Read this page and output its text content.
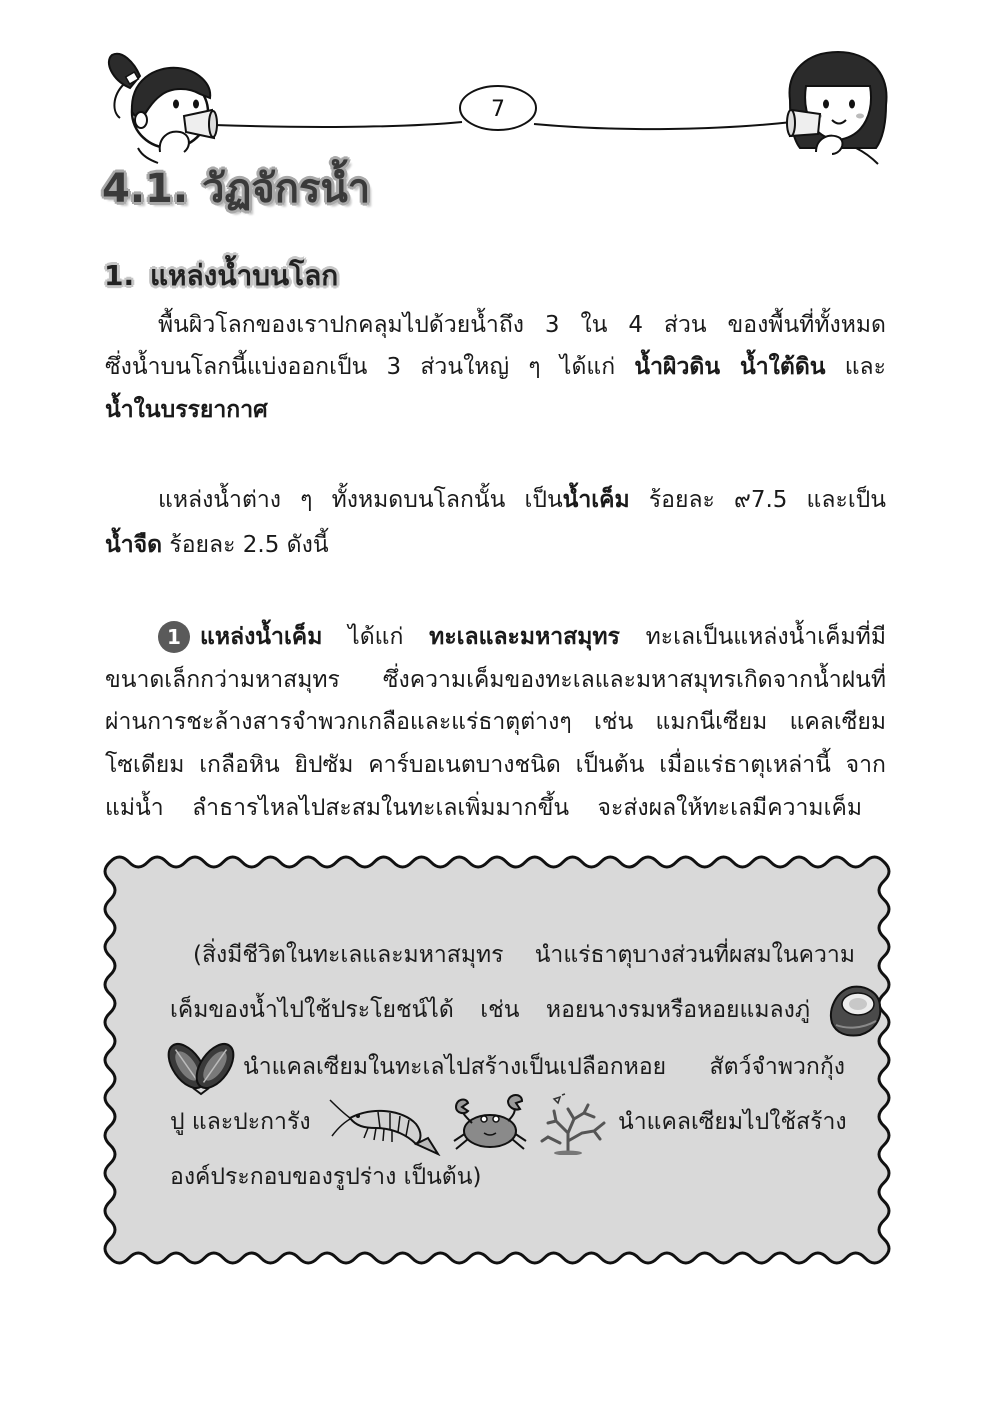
7
4.1. วัฏจักรน้ำ
1. แหล่งน้ำบนโลก
พื้นผิวโลกของเราปกคลุมไปด้วยน้ำถึง 3 ใน 4 ส่วน ของพื้นที่ทั้งหมด
ซึ่งน้ำบนโลกนี้แบ่งออกเป็น 3 ส่วนใหญ่ ๆ ได้แก่ น้ำผิวดิน น้ำใต้ดิน และ
น้ำในบรรยากาศ
แหล่งน้ำต่าง ๆ ทั้งหมดบนโลกนั้น เป็นน้ำเค็ม ร้อยละ ๙7.5 และเป็น
น้ำจืด ร้อยละ 2.5 ดังนี้
1 แหล่งน้ำเค็ม ได้แก่ ทะเลและมหาสมุทร ทะเลเป็นแหล่งน้ำเค็มที่มี
ขนาดเล็กกว่ามหาสมุทร ซึ่งความเค็มของทะเลและมหาสมุทรเกิดจากน้ำฝนที่
ผ่านการชะล้างสารจำพวกเกลือและแร่ธาตุต่างๆ เช่น แมกนีเซียม แคลเซียม
โซเดียม เกลือหิน ยิปซัม คาร์บอเนตบางชนิด เป็นต้น เมื่อแร่ธาตุเหล่านี้ จาก
แม่น้ำ ลำธารไหลไปสะสมในทะเลเพิ่มมากขึ้น จะส่งผลให้ทะเลมีความเค็ม
(สิ่งมีชีวิตในทะเลและมหาสมุทร นำแร่ธาตุบางส่วนที่ผสมในความ
เค็มของน้ำไปใช้ประโยชน์ได้ เช่น หอยนางรมหรือหอยแมลงภู่
นำแคลเซียมในทะเลไปสร้างเป็นเปลือกหอย สัตว์จำพวกกุ้ง
ปู และปะการัง	นำแคลเซียมไปใช้สร้าง
องค์ประกอบของรูปร่าง เป็นต้น)
